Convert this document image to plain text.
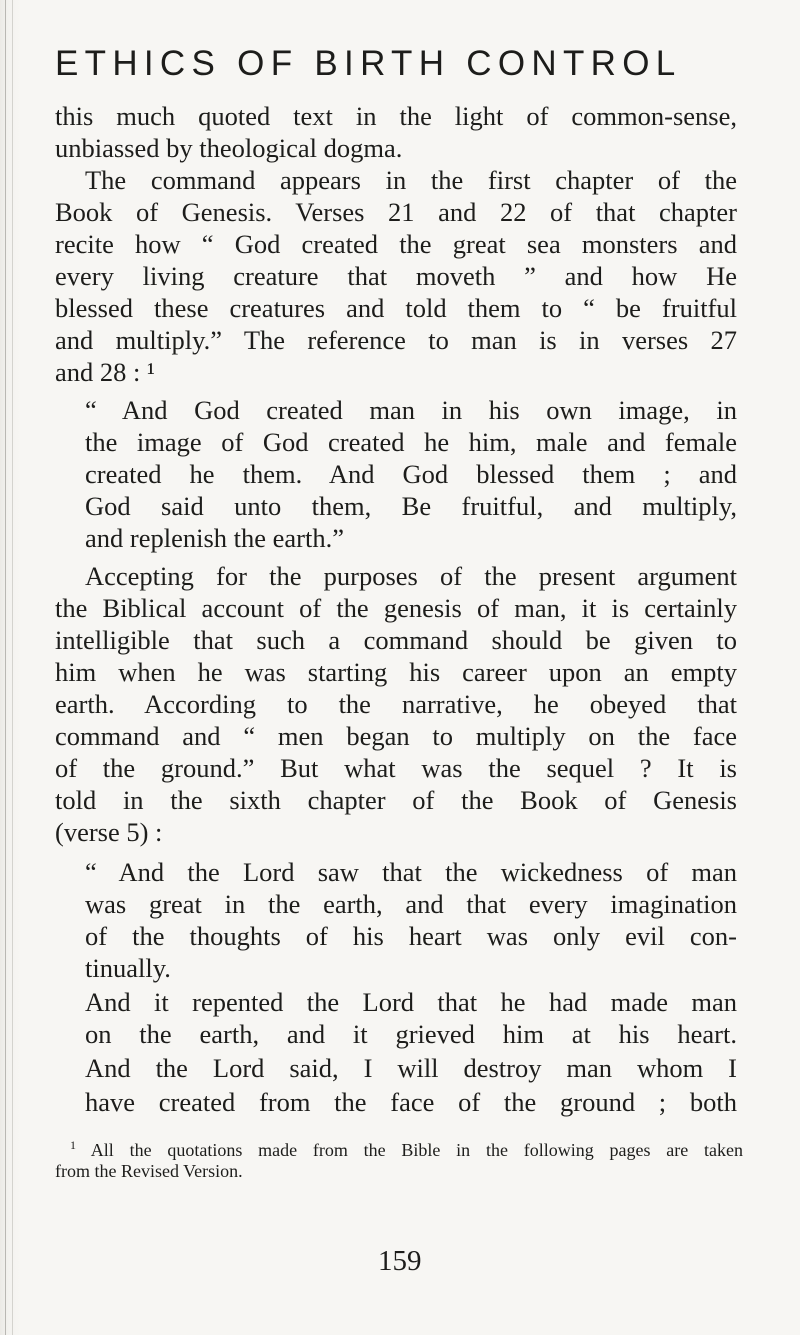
ETHICS OF BIRTH CONTROL
this much quoted text in the light of common-sense,
unbiassed by theological dogma.
The command appears in the first chapter of the
Book of Genesis. Verses 21 and 22 of that chapter
recite how “ God created the great sea monsters and
every living creature that moveth ” and how He
blessed these creatures and told them to “ be fruitful
and multiply.” The reference to man is in verses 27
and 28 : ¹
“ And God created man in his own image, in
the image of God created he him, male and female
created he them. And God blessed them ; and
God said unto them, Be fruitful, and multiply,
and replenish the earth.”
Accepting for the purposes of the present argument
the Biblical account of the genesis of man, it is certainly
intelligible that such a command should be given to
him when he was starting his career upon an empty
earth. According to the narrative, he obeyed that
command and “ men began to multiply on the face
of the ground.” But what was the sequel ? It is
told in the sixth chapter of the Book of Genesis
(verse 5) :
“ And the Lord saw that the wickedness of man
was great in the earth, and that every imagination
of the thoughts of his heart was only evil con-
tinually.
And it repented the Lord that he had made man
on the earth, and it grieved him at his heart.
And the Lord said, I will destroy man whom I
have created from the face of the ground ; both
$^1$ All the quotations made from the Bible in the following pages are taken
from the Revised Version.
159
